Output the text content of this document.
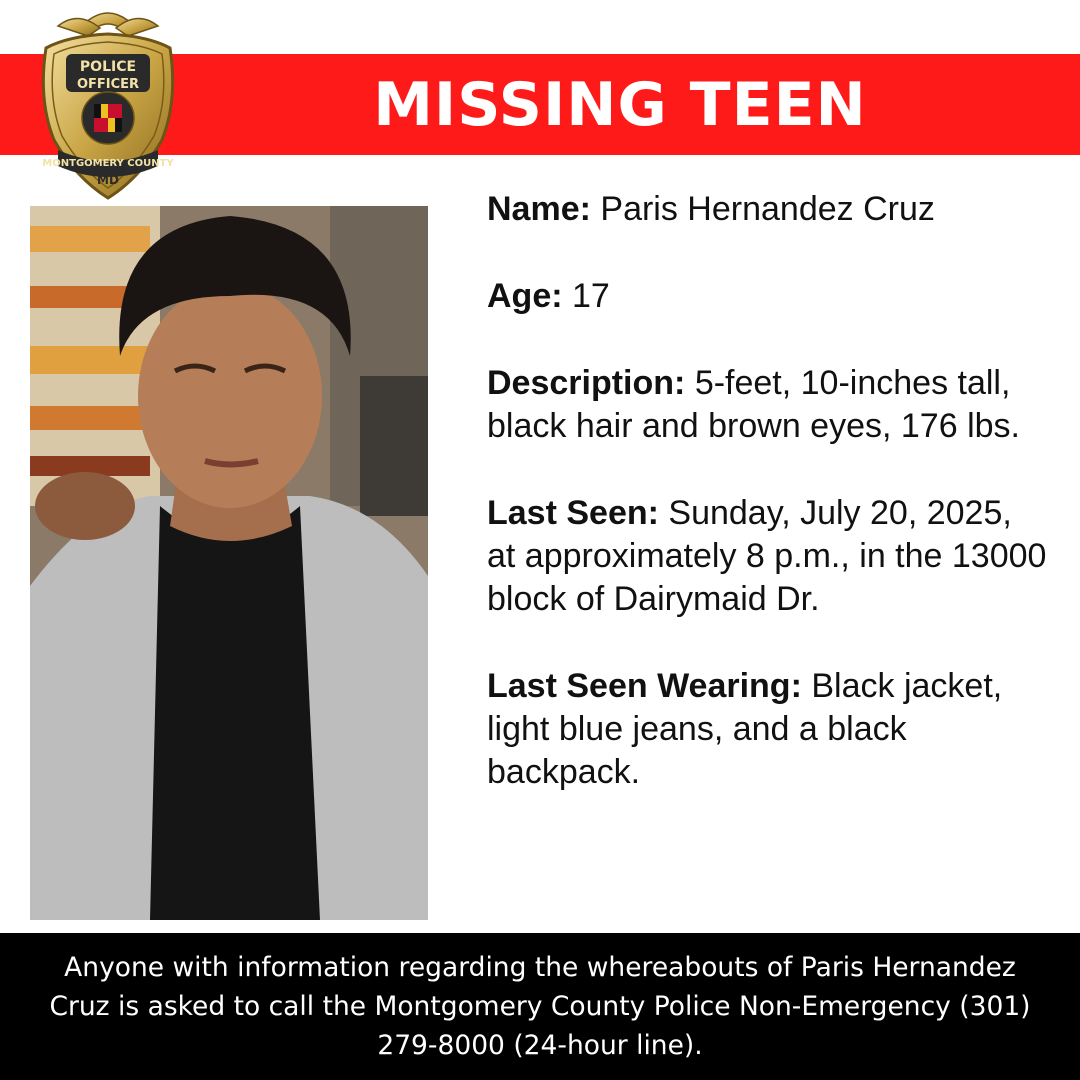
MISSING TEEN
POLICE
OFFICER
MONTGOMERY COUNTY
MD

Name: Paris Hernandez Cruz

Age: 17

Description: 5-feet, 10-inches tall, black hair and brown eyes, 176 lbs.

Last Seen: Sunday, July 20, 2025, at approximately 8 p.m., in the 13000 block of Dairymaid Dr.

Last Seen Wearing: Black jacket, light blue jeans, and a black backpack.

Anyone with information regarding the whereabouts of Paris Hernandez Cruz is asked to call the Montgomery County Police Non-Emergency (301) 279-8000 (24-hour line).
